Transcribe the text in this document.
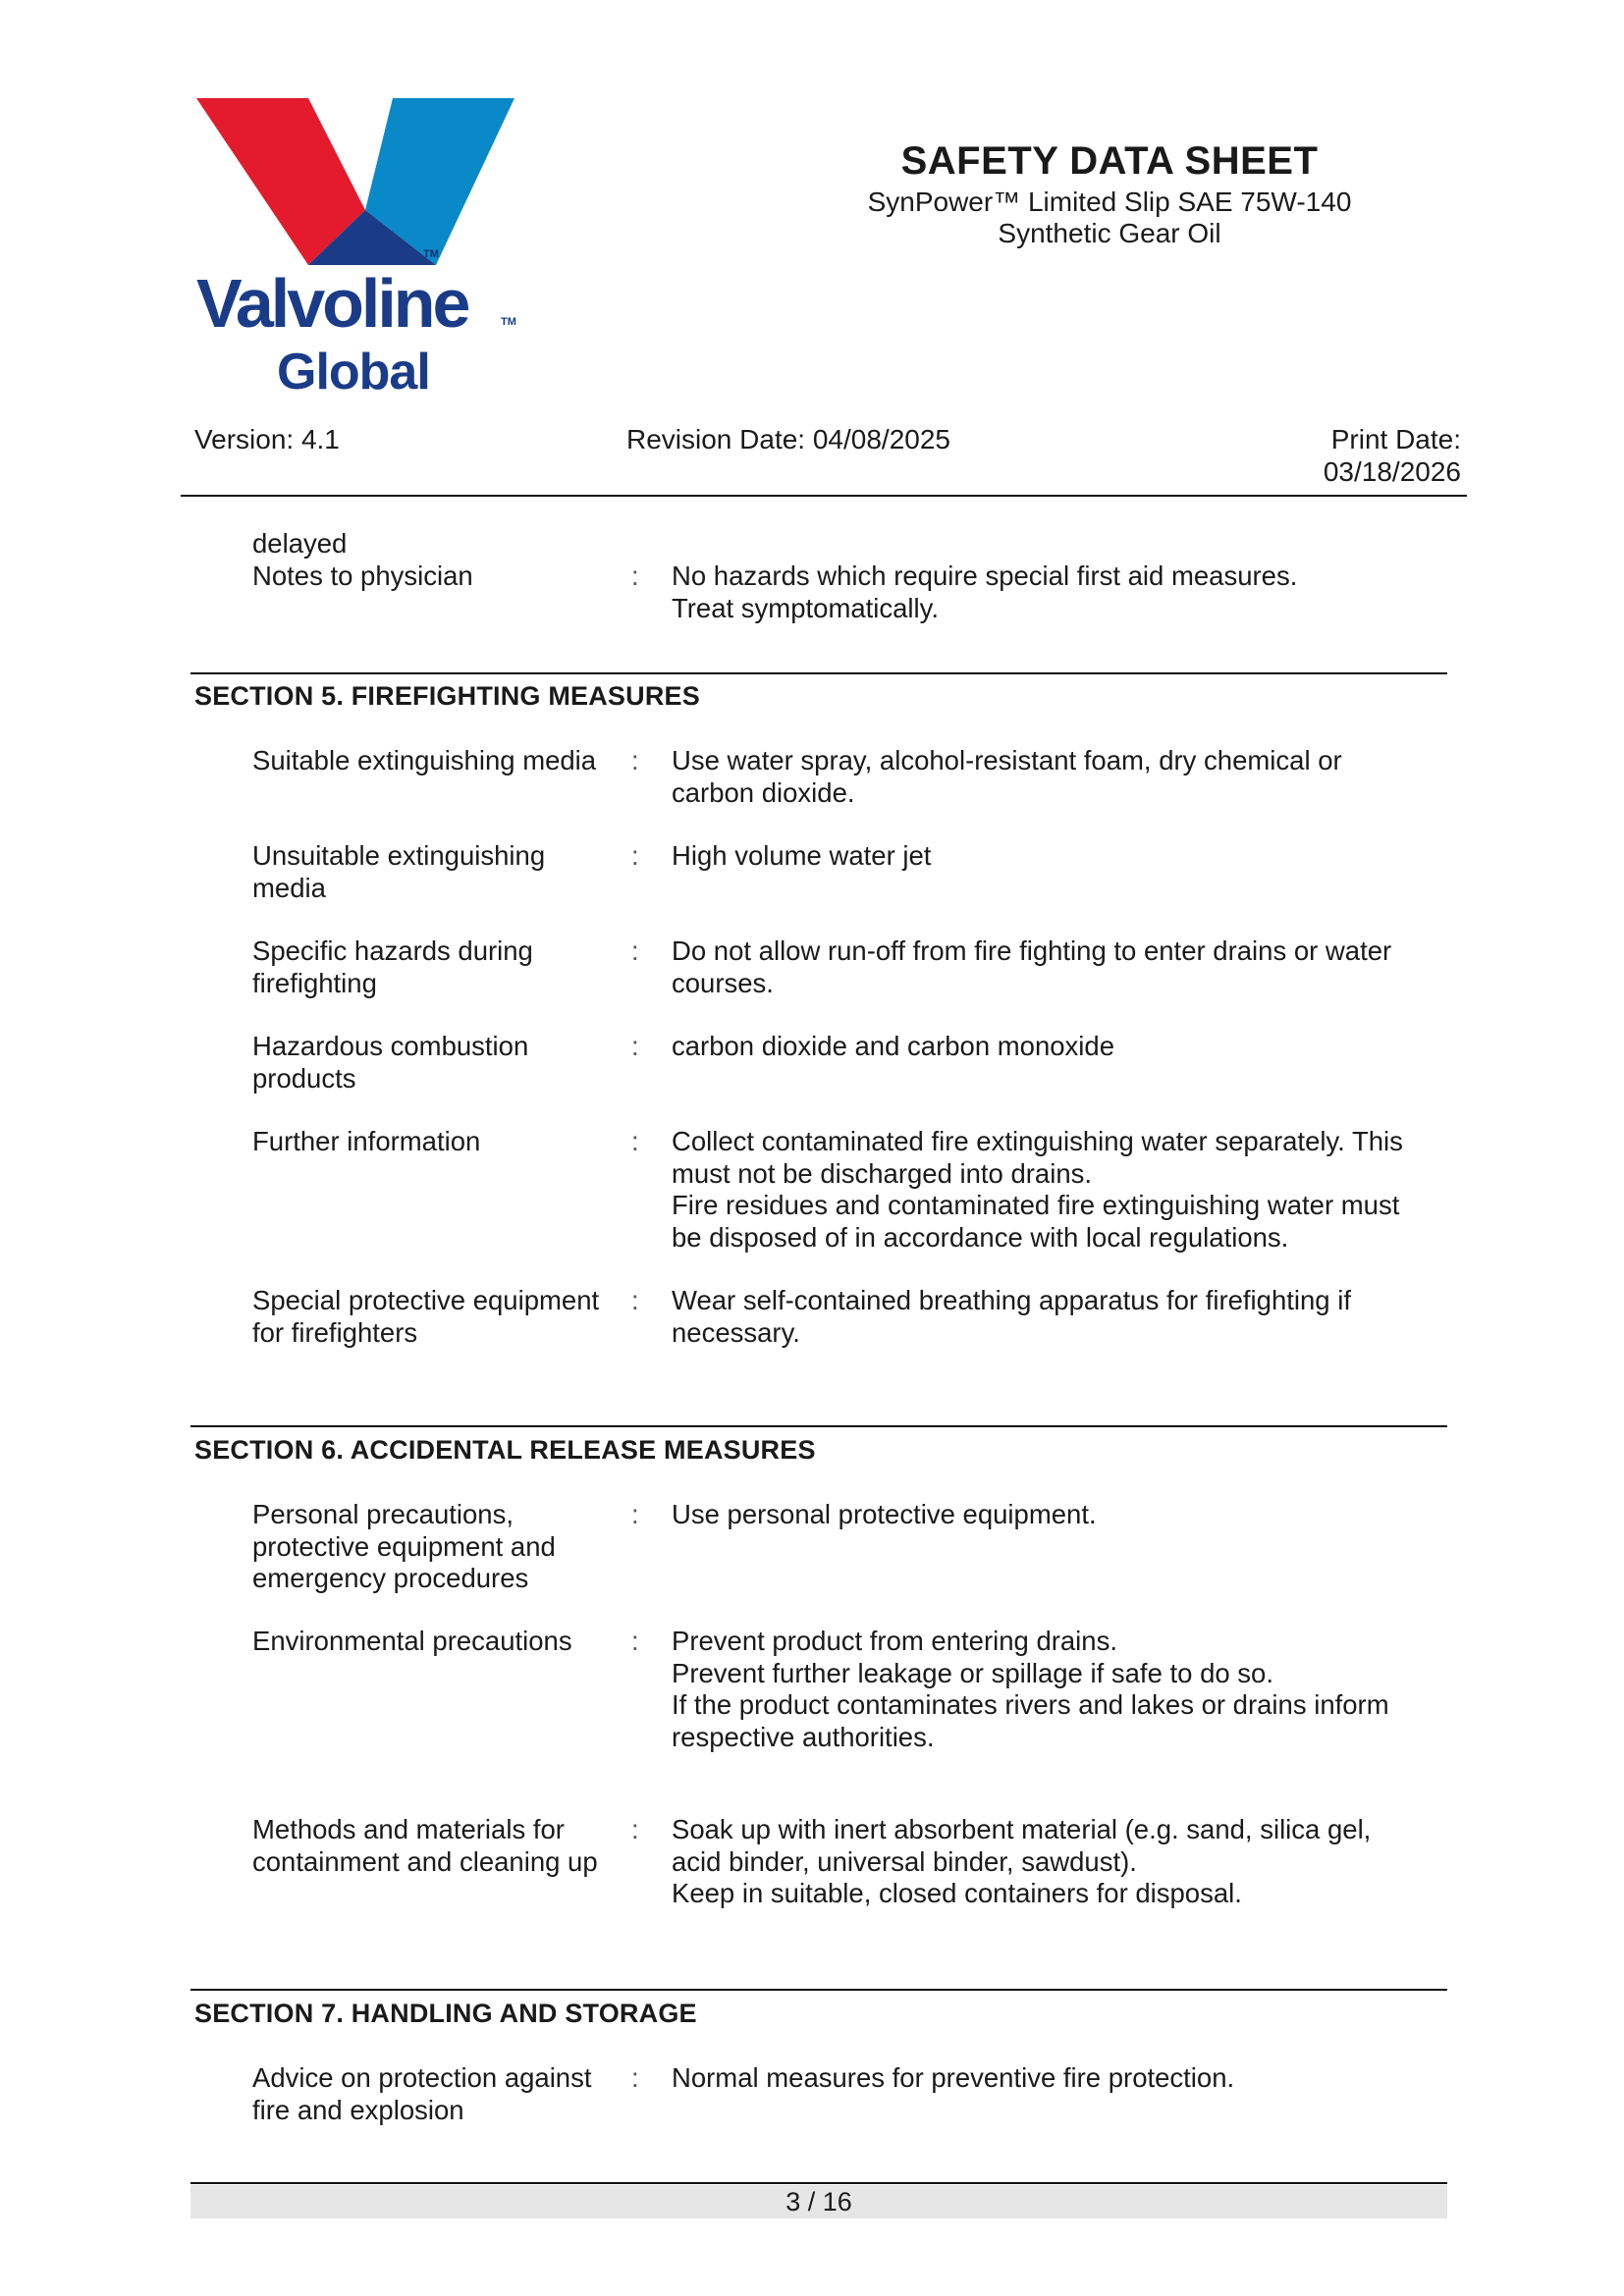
TM
Valvoline	TM
Global
SAFETY DATA SHEET
SynPower™ Limited Slip SAE 75W-140
Synthetic Gear Oil
Version: 4.1	Revision Date: 04/08/2025	Print Date:
03/18/2026
delayed
Notes to physician	: No hazards which require special first aid measures.
Treat symptomatically.
SECTION 5. FIREFIGHTING MEASURES
Suitable extinguishing media	: Use water spray, alcohol-resistant foam, dry chemical or
carbon dioxide.
Unsuitable extinguishing
media
: High volume water jet
Specific hazards during
firefighting
: Do not allow run-off from fire fighting to enter drains or water
courses.
Hazardous combustion
products
: carbon dioxide and carbon monoxide
Further information	: Collect contaminated fire extinguishing water separately. This
must not be discharged into drains.
Fire residues and contaminated fire extinguishing water must
be disposed of in accordance with local regulations.
Special protective equipment
for firefighters
: Wear self-contained breathing apparatus for firefighting if
necessary.
SECTION 6. ACCIDENTAL RELEASE MEASURES
Personal precautions,
protective equipment and
emergency procedures
: Use personal protective equipment.
Environmental precautions	: Prevent product from entering drains.
Prevent further leakage or spillage if safe to do so.
If the product contaminates rivers and lakes or drains inform
respective authorities.
Methods and materials for
containment and cleaning up
: Soak up with inert absorbent material (e.g. sand, silica gel,
acid binder, universal binder, sawdust).
Keep in suitable, closed containers for disposal.
SECTION 7. HANDLING AND STORAGE
Advice on protection against
fire and explosion
: Normal measures for preventive fire protection.
3 / 16
